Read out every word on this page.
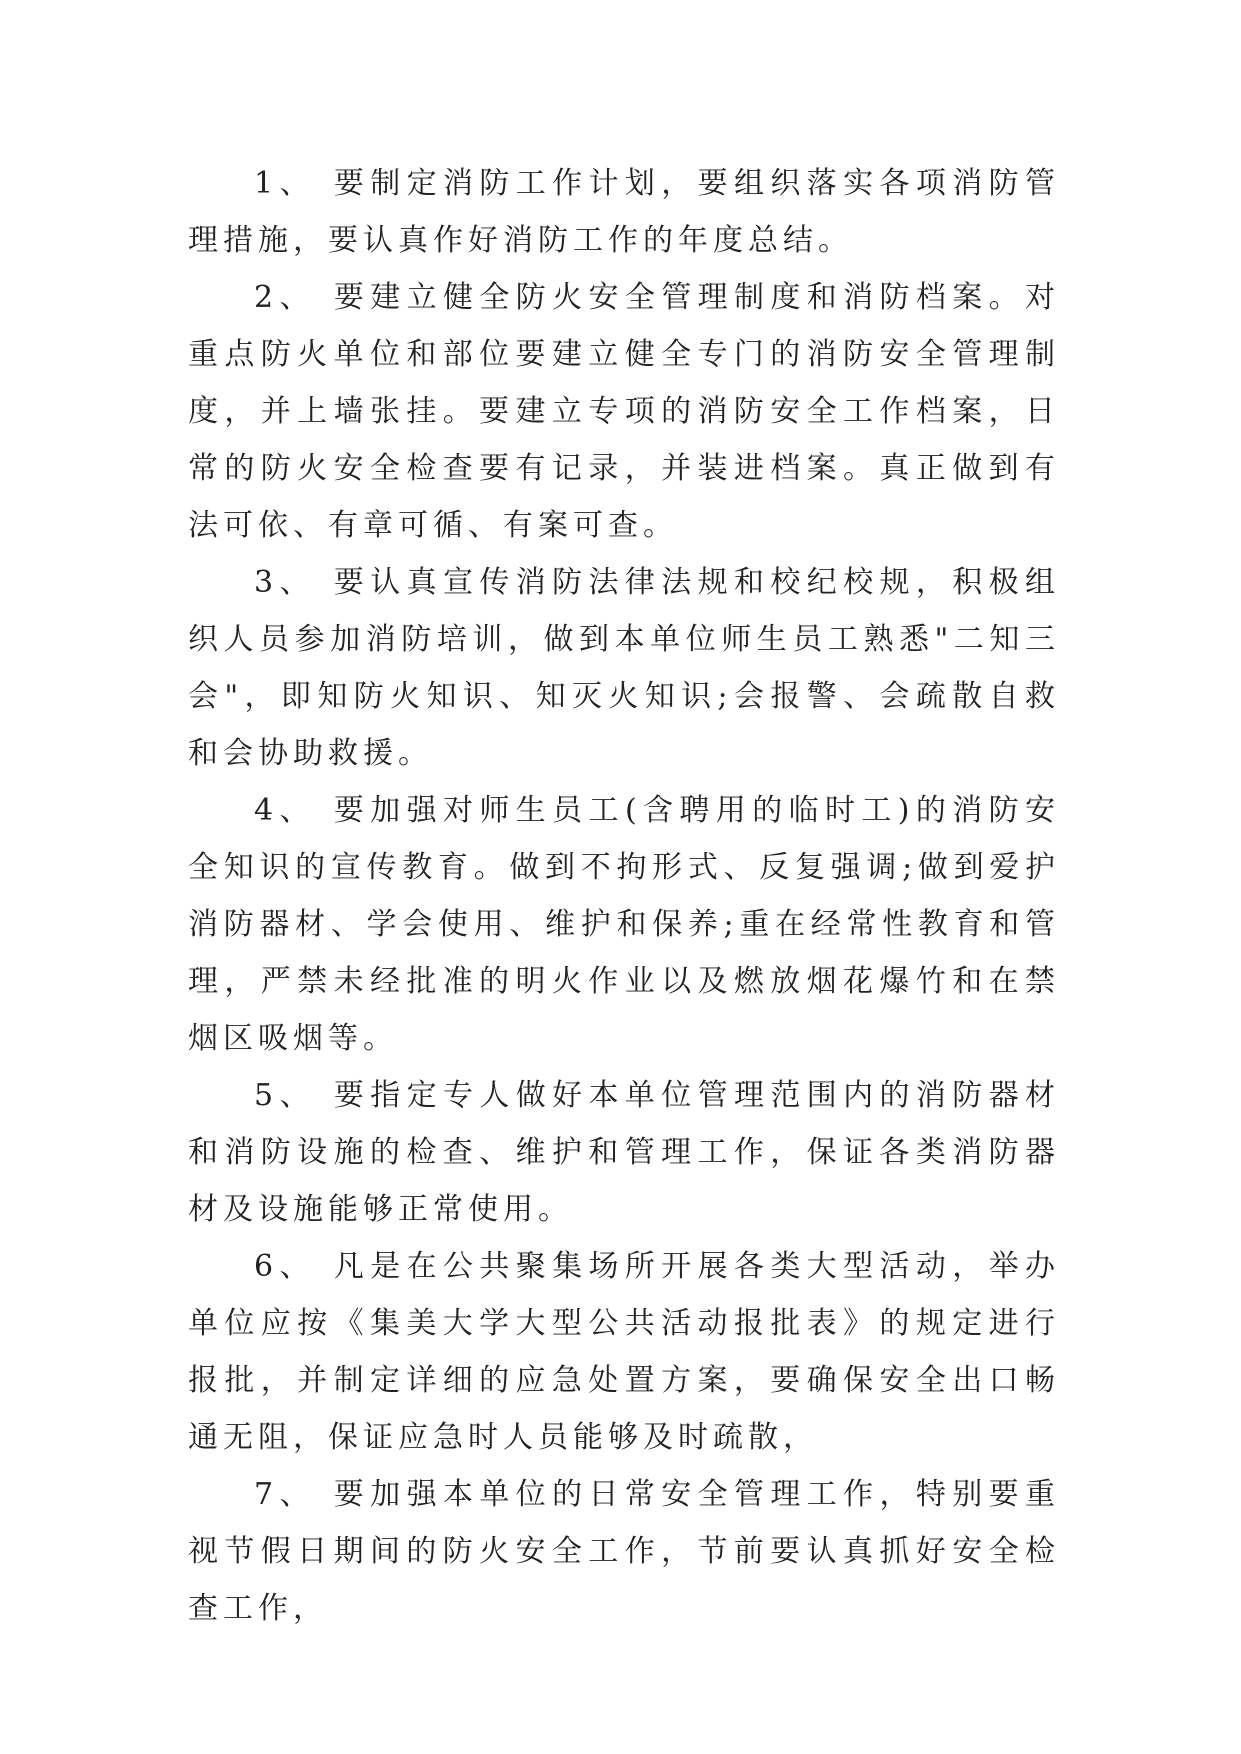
1、 要制定消防工作计划，要组织落实各项消防管理措施，要认真作好消防工作的年度总结。

2、 要建立健全防火安全管理制度和消防档案。对重点防火单位和部位要建立健全专门的消防安全管理制度，并上墙张挂。要建立专项的消防安全工作档案，日常的防火安全检查要有记录，并装进档案。真正做到有法可依、有章可循、有案可查。

3、 要认真宣传消防法律法规和校纪校规，积极组织人员参加消防培训，做到本单位师生员工熟悉"二知三会"，即知防火知识、知灭火知识;会报警、会疏散自救和会协助救援。

4、 要加强对师生员工(含聘用的临时工)的消防安全知识的宣传教育。做到不拘形式、反复强调;做到爱护消防器材、学会使用、维护和保养;重在经常性教育和管理，严禁未经批准的明火作业以及燃放烟花爆竹和在禁烟区吸烟等。

5、 要指定专人做好本单位管理范围内的消防器材和消防设施的检查、维护和管理工作，保证各类消防器材及设施能够正常使用。

6、 凡是在公共聚集场所开展各类大型活动，举办单位应按《集美大学大型公共活动报批表》的规定进行报批，并制定详细的应急处置方案，要确保安全出口畅通无阻，保证应急时人员能够及时疏散，

7、 要加强本单位的日常安全管理工作，特别要重视节假日期间的防火安全工作，节前要认真抓好安全检查工作，
